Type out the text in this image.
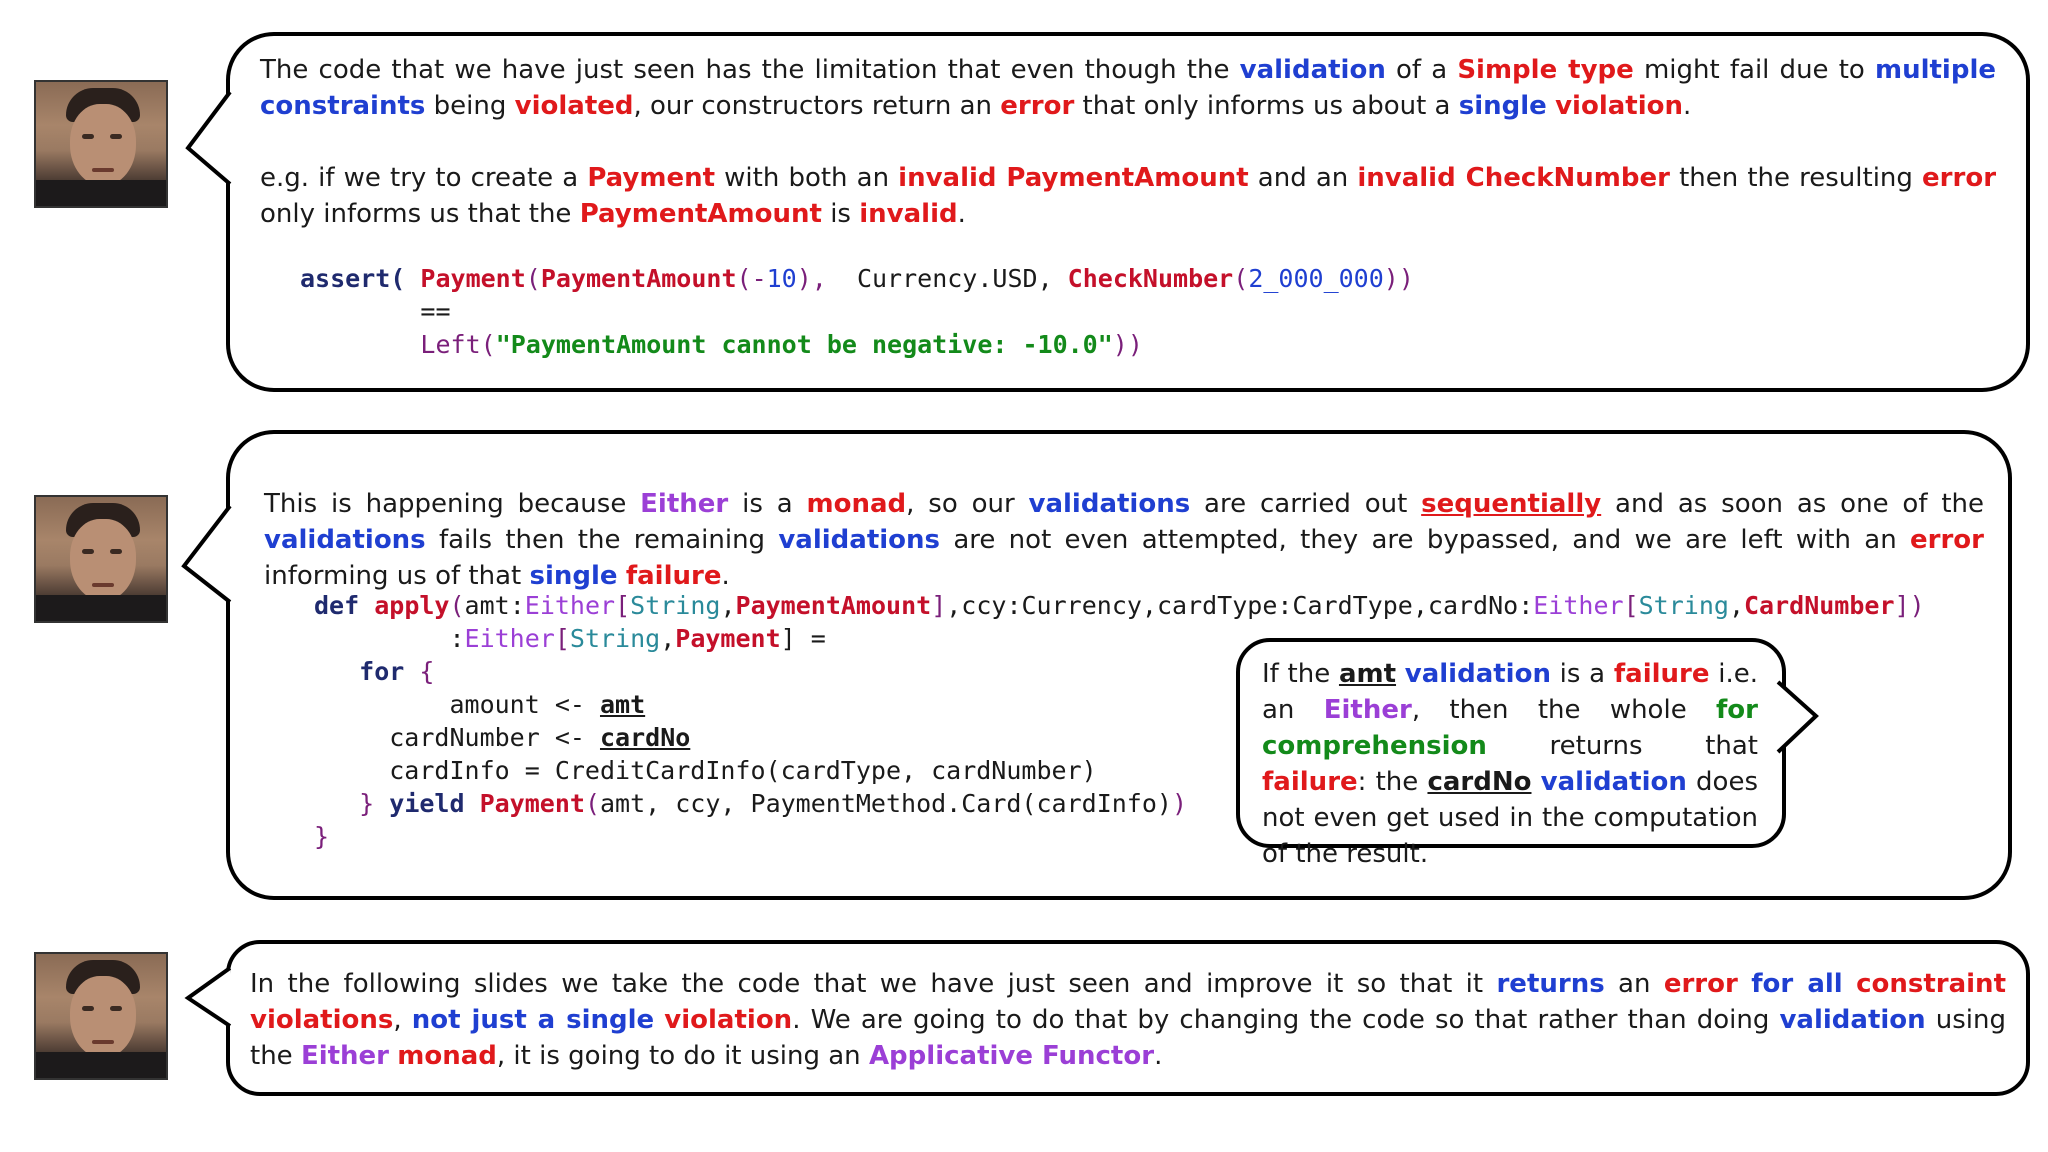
The code that we have just seen has the limitation that even though the validation of a Simple type might fail due to multiple constraints being violated, our constructors return an error that only informs us about a single violation.
e.g. if we try to create a Payment with both an invalid PaymentAmount and an invalid CheckNumber then the resulting error only informs us that the PaymentAmount is invalid.
assert( Payment(PaymentAmount(-10),  Currency.USD, CheckNumber(2_000_000))
==
Left("PaymentAmount cannot be negative: -10.0"))
This is happening because Either is a monad, so our validations are carried out sequentially and as soon as one of the validations fails then the remaining validations are not even attempted, they are bypassed, and we are left with an error informing us of that single failure.
def apply(amt:Either[String,PaymentAmount],ccy:Currency,cardType:CardType,cardNo:Either[String,CardNumber])
:Either[String,Payment] =
for {
amount <- amt
cardNumber <- cardNo
cardInfo = CreditCardInfo(cardType, cardNumber)
} yield Payment(amt, ccy, PaymentMethod.Card(cardInfo))
}
If the amt validation is a failure i.e. an Either, then the whole for comprehension returns that failure: the cardNo validation does not even get used in the computation of the result.
In the following slides we take the code that we have just seen and improve it so that it returns an error for all constraint violations, not just a single violation. We are going to do that by changing the code so that rather than doing validation using the Either monad, it is going to do it using an Applicative Functor.
